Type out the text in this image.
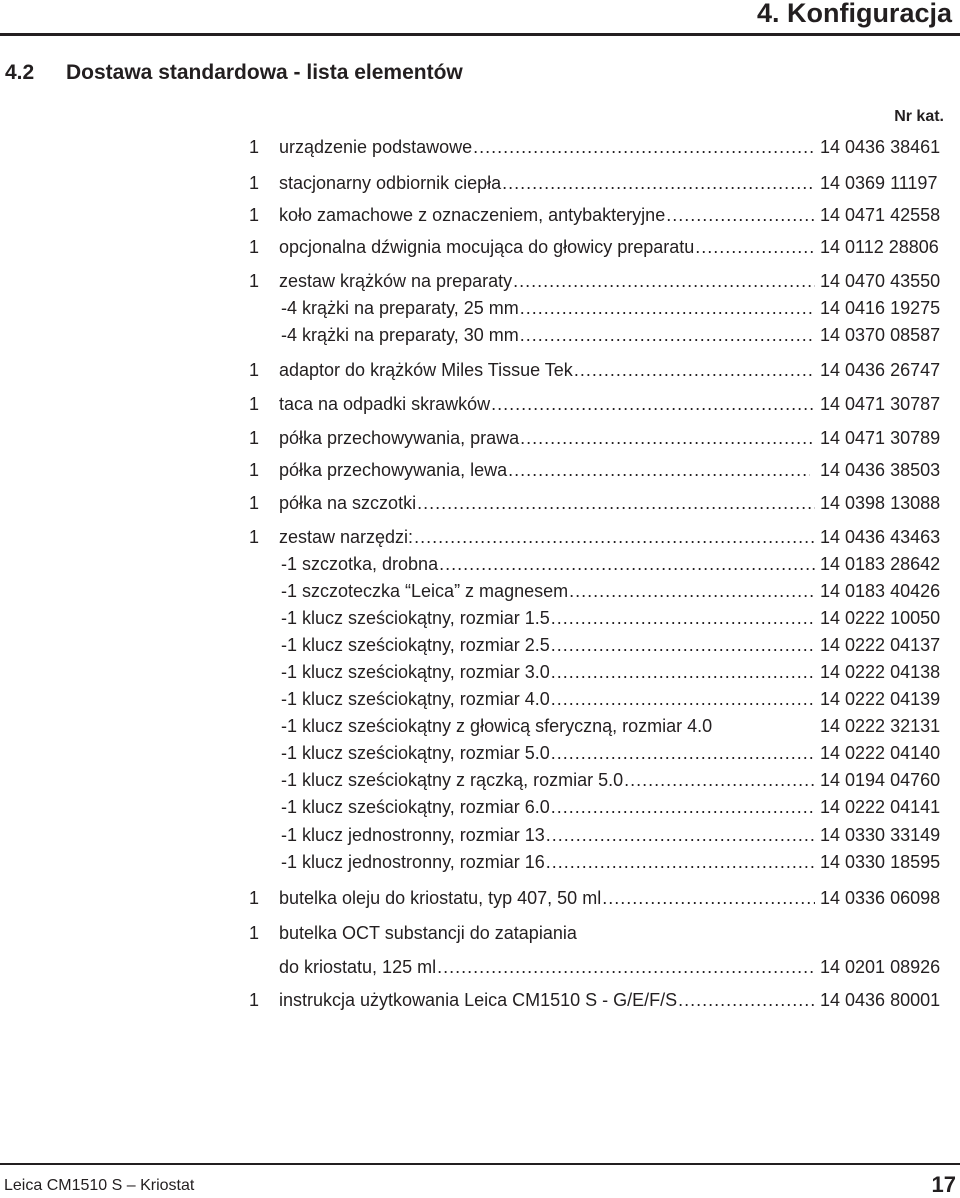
4. Konfiguracja
4.2 Dostawa standardowa - lista elementów
Nr kat.
1	urządzenie podstawowe .....	14 0436 38461
1	stacjonarny odbiornik ciepła .....	14 0369 11197
1	koło zamachowe z oznaczeniem, antybakteryjne .....	14 0471 42558
1	opcjonalna dźwignia mocująca do głowicy preparatu .....	14 0112 28806
1	zestaw krążków na preparaty .....	14 0470 43550
-4 krążki na preparaty, 25 mm .....	14 0416 19275
-4 krążki na preparaty, 30 mm .....	14 0370 08587
1	adaptor do krążków Miles Tissue Tek .....	14 0436 26747
1	taca na odpadki skrawków .....	14 0471 30787
1	półka przechowywania, prawa .....	14 0471 30789
1	półka przechowywania, lewa .....	14 0436 38503
1	półka na szczotki .....	14 0398 13088
1	zestaw narzędzi: .....	14 0436 43463
-1 szczotka, drobna .....	14 0183 28642
-1 szczoteczka “Leica” z magnesem .....	14 0183 40426
-1 klucz sześciokątny, rozmiar 1.5 .....	14 0222 10050
-1 klucz sześciokątny, rozmiar 2.5 .....	14 0222 04137
-1 klucz sześciokątny, rozmiar 3.0 .....	14 0222 04138
-1 klucz sześciokątny, rozmiar 4.0 .....	14 0222 04139
-1 klucz sześciokątny z głowicą sferyczną, rozmiar 4.0	14 0222 32131
-1 klucz sześciokątny, rozmiar 5.0 .....	14 0222 04140
-1 klucz sześciokątny z rączką, rozmiar 5.0 .....	14 0194 04760
-1 klucz sześciokątny, rozmiar 6.0 .....	14 0222 04141
-1 klucz jednostronny, rozmiar 13 .....	14 0330 33149
-1 klucz jednostronny, rozmiar 16 .....	14 0330 18595
1	butelka oleju do kriostatu, typ 407, 50 ml .....	14 0336 06098
1	butelka OCT substancji do zatapiania
do kriostatu, 125 ml .....	14 0201 08926
1	instrukcja użytkowania Leica CM1510 S - G/E/F/S .....	14 0436 80001
Leica CM1510 S – Kriostat	17
